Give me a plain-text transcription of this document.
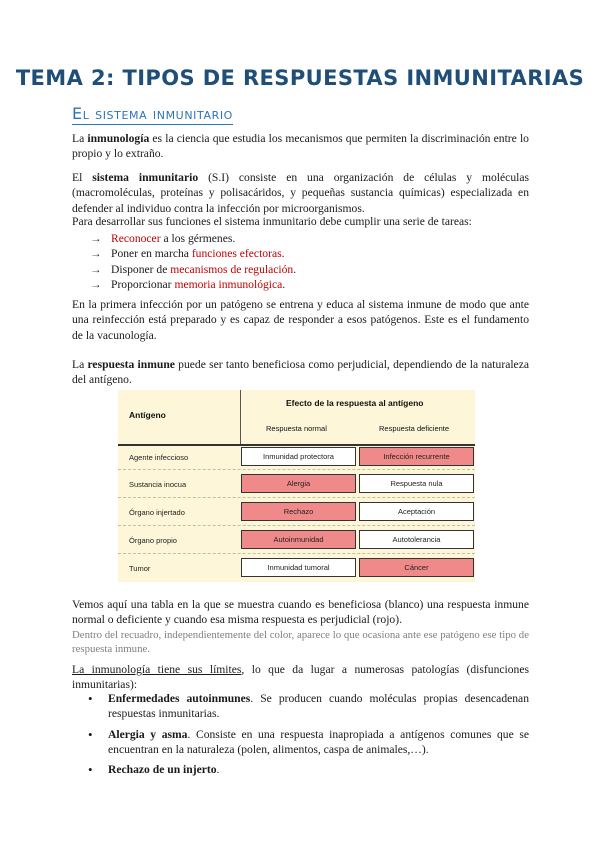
TEMA 2: TIPOS DE RESPUESTAS INMUNITARIAS
El sistema inmunitario

La inmunología es la ciencia que estudia los mecanismos que permiten la discriminación entre lo propio y lo extraño.

El sistema inmunitario (S.I) consiste en una organización de células y moléculas (macromoléculas, proteínas y polisacáridos, y pequeñas sustancia químicas) especializada en defender al individuo contra la infección por microorganismos.

Para desarrollar sus funciones el sistema inmunitario debe cumplir una serie de tareas:

→ Reconocer a los gérmenes.
→ Poner en marcha funciones efectoras.
→ Disponer de mecanismos de regulación.
→ Proporcionar memoria inmunológica.

En la primera infección por un patógeno se entrena y educa al sistema inmune de modo que ante una reinfección está preparado y es capaz de responder a esos patógenos. Este es el fundamento de la vacunología.

La respuesta inmune puede ser tanto beneficiosa como perjudicial, dependiendo de la naturaleza del antígeno.

Antígeno
Efecto de la respuesta al antígeno
Respuesta normal	Respuesta deficiente
Agente infeccioso	Inmunidad protectora	Infección recurrente
Sustancia inocua	Alergia	Respuesta nula
Órgano injertado	Rechazo	Aceptación
Órgano propio	Autoinmunidad	Autotolerancia
Tumor	Inmunidad tumoral	Cáncer

Vemos aquí una tabla en la que se muestra cuando es beneficiosa (blanco) una respuesta inmune normal o deficiente y cuando esa misma respuesta es perjudicial (rojo).

Dentro del recuadro, independientemente del color, aparece lo que ocasiona ante ese patógeno ese tipo de respuesta inmune.

La inmunología tiene sus límites, lo que da lugar a numerosas patologías (disfunciones inmunitarias):

•	Enfermedades autoinmunes. Se producen cuando moléculas propias desencadenan respuestas inmunitarias.
•	Alergia y asma. Consiste en una respuesta inapropiada a antígenos comunes que se encuentran en la naturaleza (polen, alimentos, caspa de animales,…).
•	Rechazo de un injerto.
